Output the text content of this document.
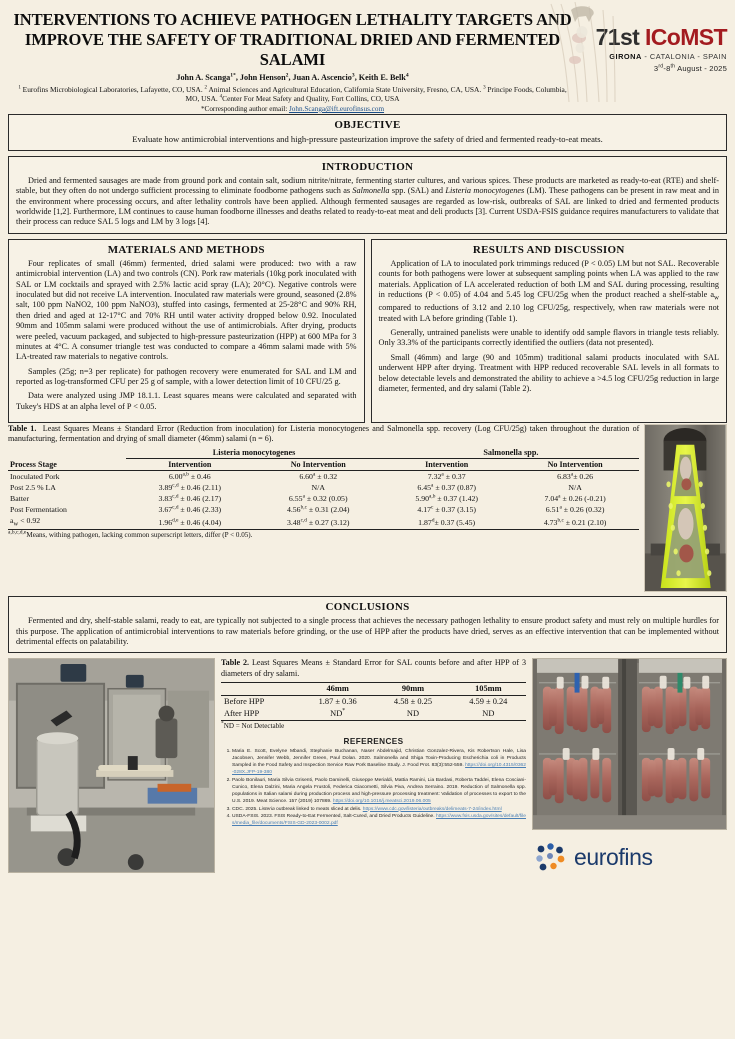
INTERVENTIONS TO ACHIEVE PATHOGEN LETHALITY TARGETS AND IMPROVE THE SAFETY OF TRADITIONAL DRIED AND FERMENTED SALAMI
John A. Scanga$^{1*}$, John Henson$^2$, Juan A. Ascencio$^3$, Keith E. Belk$^4$
$^1$ Eurofins Microbiological Laboratories, Lafayette, CO, USA. $^2$ Animal Sciences and Agricultural Education, California State University, Fresno, CA, USA. $^3$ Principe Foods, Columbia, MO, USA. $^4$Center For Meat Safety and Quality, Fort Collins, CO, USA
*Corresponding author email: John.Scanga@ift.eurofinsus.com
71st ICoMST
GIRONA - CATALONIA - SPAIN
3rd-8th August - 2025
OBJECTIVE

Evaluate how antimicrobial interventions and high-pressure pasteurization improve the safety of dried and fermented ready-to-eat meats.

INTRODUCTION

Dried and fermented sausages are made from ground pork and contain salt, sodium nitrite/nitrate, fermenting starter cultures, and various spices. These products are marketed as ready-to-eat (RTE) and shelf-stable, but they often do not undergo sufficient processing to eliminate foodborne pathogens such as Salmonella spp. (SAL) and Listeria monocytogenes (LM). These pathogens can be present in raw meat and in the environment where processing occurs, and after lethality controls have been applied. Although fermented sausages are regarded as low-risk, outbreaks of SAL are linked to dried and fermented products worldwide [1,2]. Furthermore, LM continues to cause human foodborne illnesses and deaths related to ready-to-eat meat and deli products [3]. Current USDA-FSIS guidance requires manufacturers to validate that their process can reduce SAL 5 logs and LM by 3 logs [4].

MATERIALS AND METHODS

Four replicates of small (46mm) fermented, dried salami were produced: two with a raw antimicrobial intervention (LA) and two controls (CN). Pork raw materials (10kg pork inoculated with SAL or LM cocktails and sprayed with 2.5% lactic acid spray (LA); 20°C). Negative controls were inoculated but did not receive LA intervention. Inoculated raw materials were ground, seasoned (2.8% salt, 100 ppm NaNO2, 100 ppm NaNO3), stuffed into casings, fermented at 25-28°C and 90% RH, then dried and aged at 12-17°C and 70% RH until water activity dropped below 0.92. Inoculated 90mm and 105mm salami were produced without the use of antimicrobials. After drying, products were peeled, vacuum packaged, and subjected to high-pressure pasteurization (HPP) at 600 MPa for 3 minutes at 4°C. A consumer triangle test was conducted to compare a 46mm salami made with 5% LA-treated raw materials to negative controls.

Samples (25g; n=3 per replicate) for pathogen recovery were enumerated for SAL and LM and reported as log-transformed CFU per 25 g of sample, with a lower detection limit of 10 CFU/25 g.

Data were analyzed using JMP 18.1.1. Least squares means were calculated and separated with Tukey's HDS at an alpha level of P < 0.05.

RESULTS AND DISCUSSION

Application of LA to inoculated pork trimmings reduced (P < 0.05) LM but not SAL. Recoverable counts for both pathogens were lower at subsequent sampling points when LA was applied to the raw materials. Application of LA accelerated reduction of both LM and SAL during processing, resulting in reductions (P < 0.05) of 4.04 and 5.45 log CFU/25g when the product reached a shelf-stable $a_w$ compared to reductions of 3.12 and 2.10 log CFU/25g, respectively, when raw materials were not treated with LA before grinding (Table 1).

Generally, untrained panelists were unable to identify odd sample flavors in triangle tests reliably. Only 33.3% of the participants correctly identified the outliers (data not presented).

Small (46mm) and large (90 and 105mm) traditional salami products inoculated with SAL underwent HPP after drying. Treatment with HPP reduced recoverable SAL levels in all formats to below detectable levels and demonstrated the ability to achieve a >4.5 log CFU/25g reduction in large diameter, fermented, and dry salami (Table 2).

Table 1.  Least Squares Means ± Standard Error (Reduction from inoculation) for Listeria monocytogenes and Salmonella spp. recovery (Log CFU/25g) taken throughout the duration of manufacturing, fermentation and drying of small diameter (46mm) salami (n = 6).
	Listeria monocytogenes		Salmonella spp.	
Process Stage	Intervention	No Intervention	Intervention	No Intervention
Inoculated Pork	$6.00^{a,b} \pm 0.46$	6.60$^a$ ± 0.32	7.32$^a$ ± 0.37	6.83$^a$± 0.26
Post 2.5 % LA	$3.89^{c,d} \pm 0.46$ (2.11)	N/A	6.45$^a$ ± 0.37 (0.87)	N/A
Batter	$3.83^{c,d} \pm 0.46$ (2.17)	6.55$^a$ ± 0.32 (0.05)	$5.90^{a,b} \pm 0.37$ (1.42)	7.04$^a$ ± 0.26 (-0.21)
Post Fermentation	$3.67^{c,d} \pm 0.46$ (2.33)	$4.56^{b,c} \pm 0.31$ (2.04)	4.17$^c$ ± 0.37 (3.15)	6.51$^a$ ± 0.26 (0.32)
$a_w < 0.92$	$1.96^{d,e} \pm 0.46$ (4.04)	$3.48^{c,d} \pm 0.27$ (3.12)	1.87$^d$± 0.37 (5.45)	$4.73^{b,c} \pm 0.21$ (2.10)
$^{a,b,c,d,e}$Means, withing pathogen, lacking common superscript letters, differ (P < 0.05).
CONCLUSIONS

Fermented and dry, shelf-stable salami, ready to eat, are typically not subjected to a single process that achieves the necessary pathogen lethality to ensure product safety and must rely on multiple hurdles for this purpose. The application of antimicrobial interventions to raw materials before grinding, or the use of HPP after the products have dried, serves as an effective intervention that can be implemented without detrimental effects on palatability.

Table 2. Least Squares Means ± Standard Error for SAL counts before and after HPP of 3 diameters of dry salami.
	46mm	90mm	105mm
Before HPP	1.87 ± 0.36	4.58 ± 0.25	4.59 ± 0.24
After HPP	ND*	ND	ND
*ND = Not Detectable
REFERENCES
1. Maria E. Scott, Evelyne Mbandi, Stephanie Buchanan, Naser Abdelmajid, Christian Gonzalez-Rivera, Kis Robertson Hale, Lisa Jacobsen, Jennifer Webb, Jennifer Green, Paul Dolan. 2020. Salmonella and Shiga Toxin-Producing Escherichia coli in Products Sampled in the Food Safety and Inspection Service Raw Pork Baseline Study. J. Food Prot. 83(3):552-559. https://doi.org/10.4315/0362-028X.JFP-19-380
2. Paolo Bonilauri, Maria Silvia Grisenti, Paolo Daminelli, Giuseppe Merialdi, Mattia Ramini, Lia Bardasi, Roberta Taddei, Elena Cosciani-Cunico, Elena Dalzini, Maria Angela Frustoli, Federica Giacometti, Silvia Piva, Andrea Serraino. 2019. Reduction of Salmonella spp. populations in Italian salami during production process and high-pressure processing treatment: Validation of processes to export to the U.S. 2019. Meat Science. 157 (2019) 107869. https://doi.org/10.1016/j.meatsci.2019.06.005
3. CDC. 2025. Listeria outbreak linked to meats sliced at delis. https://www.cdc.gov/listeria/outbreaks/delimeats-7-24/index.html
4. USDA-FSIS. 2023. FSIS Ready-to-Eat Fermented, Salt-Cured, and Dried Products Guideline. https://www.fsis.usda.gov/sites/default/files/media_file/documents/FSIS-GD-2023-0002.pdf
eurofins
